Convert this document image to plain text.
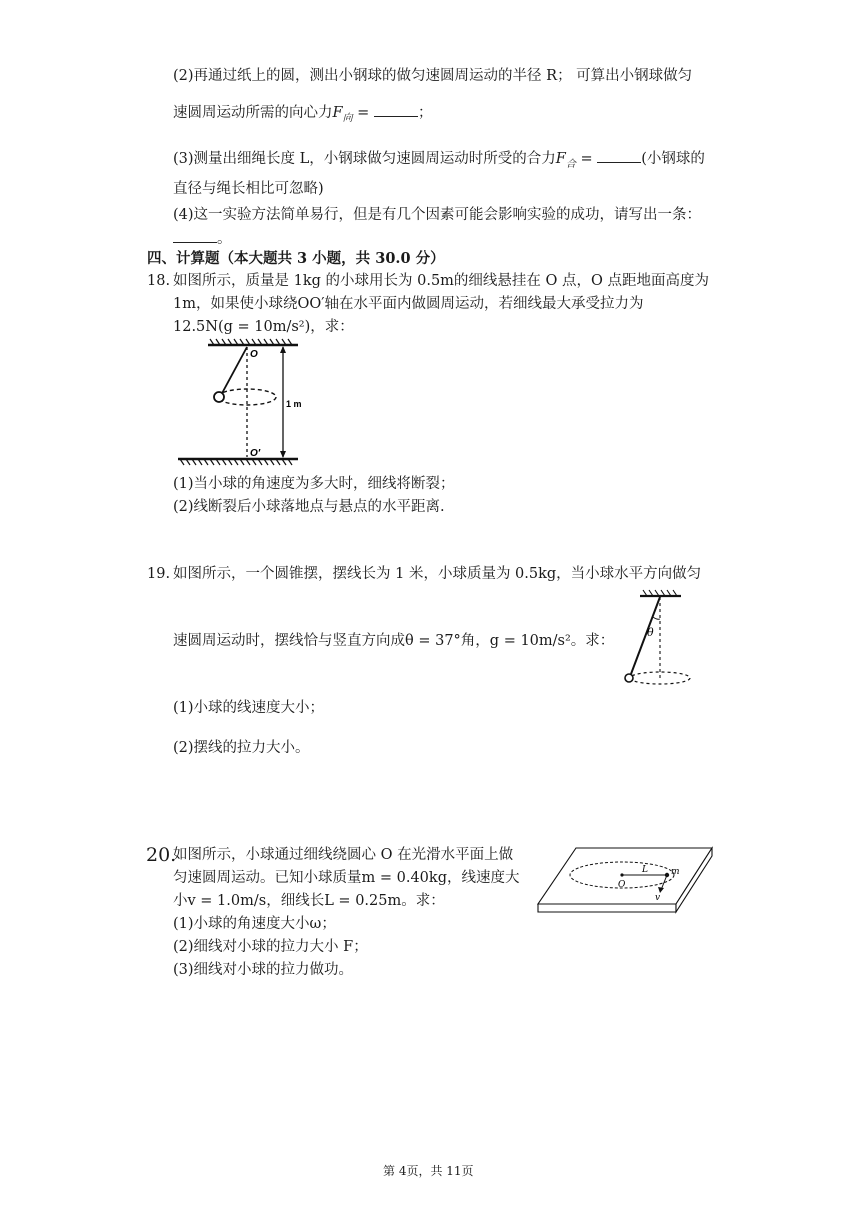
(2)再通过纸上的圆，测出小钢球的做匀速圆周运动的半径 R； 可算出小钢球做匀
速圆周运动所需的向心力$F_向$ =	；
(3)测量出细绳长度 L，小钢球做匀速圆周运动时所受的合力$F_合$ =	(小钢球的
直径与绳长相比可忽略)
(4)这一实验方法简单易行，但是有几个因素可能会影响实验的成功，请写出一条：
。
四、计算题（本大题共 3 小题，共 30.0 分）
18. 如图所示，质量是 1kg 的小球用长为 0.5m的细线悬挂在 O 点，O 点距地面高度为
1m，如果使小球绕OO′轴在水平面内做圆周运动，若细线最大承受拉力为
12.5N(g = 10m/s²)，求：
O
O′
1 m
(1)当小球的角速度为多大时，细线将断裂；
(2)线断裂后小球落地点与悬点的水平距离.
19. 如图所示，一个圆锥摆，摆线长为 1 米，小球质量为 0.5kg，当小球水平方向做匀
速圆周运动时，摆线恰与竖直方向成θ = 37°角，g = 10m/s²。求：
θ
(1)小球的线速度大小；
(2)摆线的拉力大小。
20.
如图所示，小球通过细线绕圆心 O 在光滑水平面上做
匀速圆周运动。已知小球质量m = 0.40kg，线速度大
小v = 1.0m/s，细线长L = 0.25m。求：
(1)小球的角速度大小ω；
(2)细线对小球的拉力大小 F；
(3)细线对小球的拉力做功。
O
L	m
v
第 4页，共 11页
